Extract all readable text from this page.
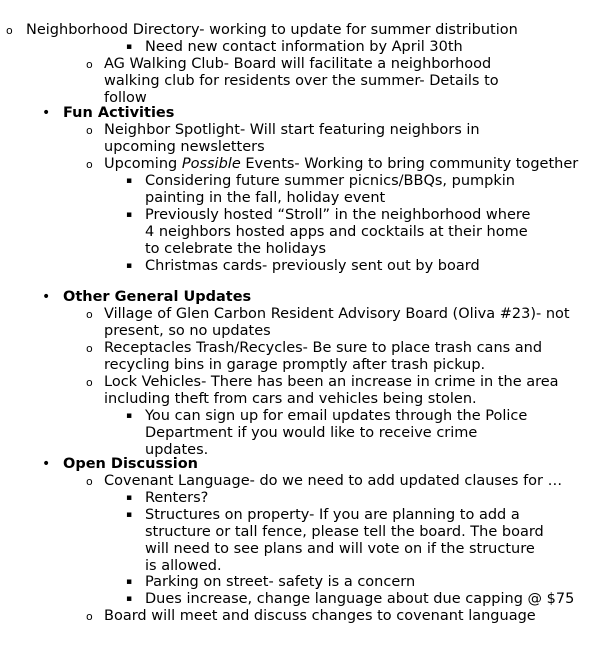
o Neighborhood Directory- working to update for summer distribution
▪ Need new contact information by April 30th
o AG Walking Club- Board will facilitate a neighborhood walking club for residents over the summer- Details to follow
• Fun Activities
o Neighbor Spotlight- Will start featuring neighbors in upcoming newsletters
o Upcoming Possible Events- Working to bring community together
▪ Considering future summer picnics/BBQs, pumpkin painting in the fall, holiday event
▪ Previously hosted “Stroll” in the neighborhood where 4 neighbors hosted apps and cocktails at their home to celebrate the holidays
▪ Christmas cards- previously sent out by board
• Other General Updates
o Village of Glen Carbon Resident Advisory Board (Oliva #23)- not present, so no updates
o Receptacles Trash/Recycles- Be sure to place trash cans and recycling bins in garage promptly after trash pickup.
o Lock Vehicles- There has been an increase in crime in the area including theft from cars and vehicles being stolen.
▪ You can sign up for email updates through the Police Department if you would like to receive crime updates.
• Open Discussion
o Covenant Language- do we need to add updated clauses for …
▪ Renters?
▪ Structures on property- If you are planning to add a structure or tall fence, please tell the board. The board will need to see plans and will vote on if the structure is allowed.
▪ Parking on street- safety is a concern
▪ Dues increase, change language about due capping @ $75
o Board will meet and discuss changes to covenant language
